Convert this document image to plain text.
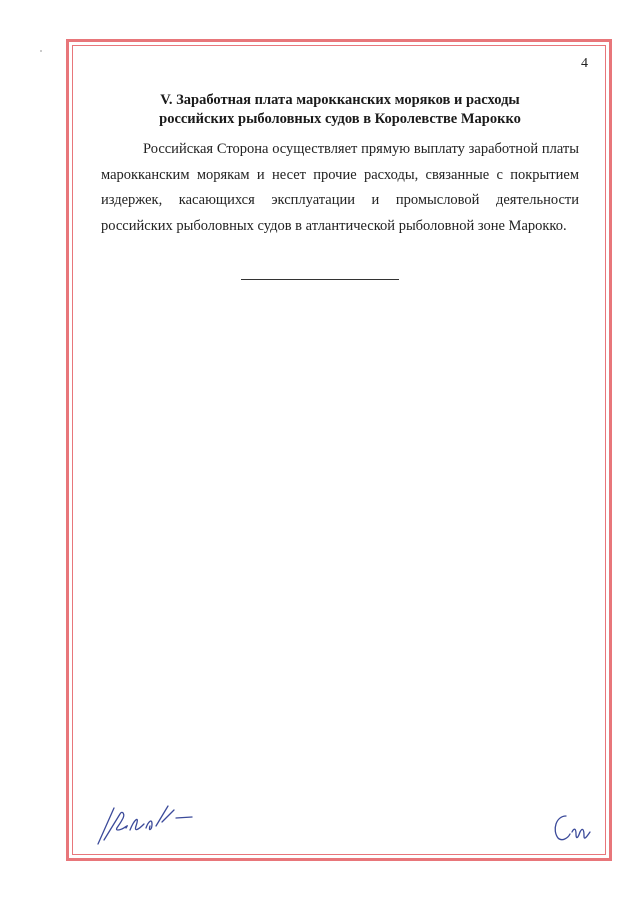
4
V. Заработная плата марокканских моряков и расходы
российских рыболовных судов в Королевстве Марокко

Российская Сторона осуществляет прямую выплату заработной платы марокканским морякам и несет прочие расходы, связанные с покрытием издержек, касающихся эксплуатации и промысловой деятельности российских рыболовных судов в атлантической рыболовной зоне Марокко.
